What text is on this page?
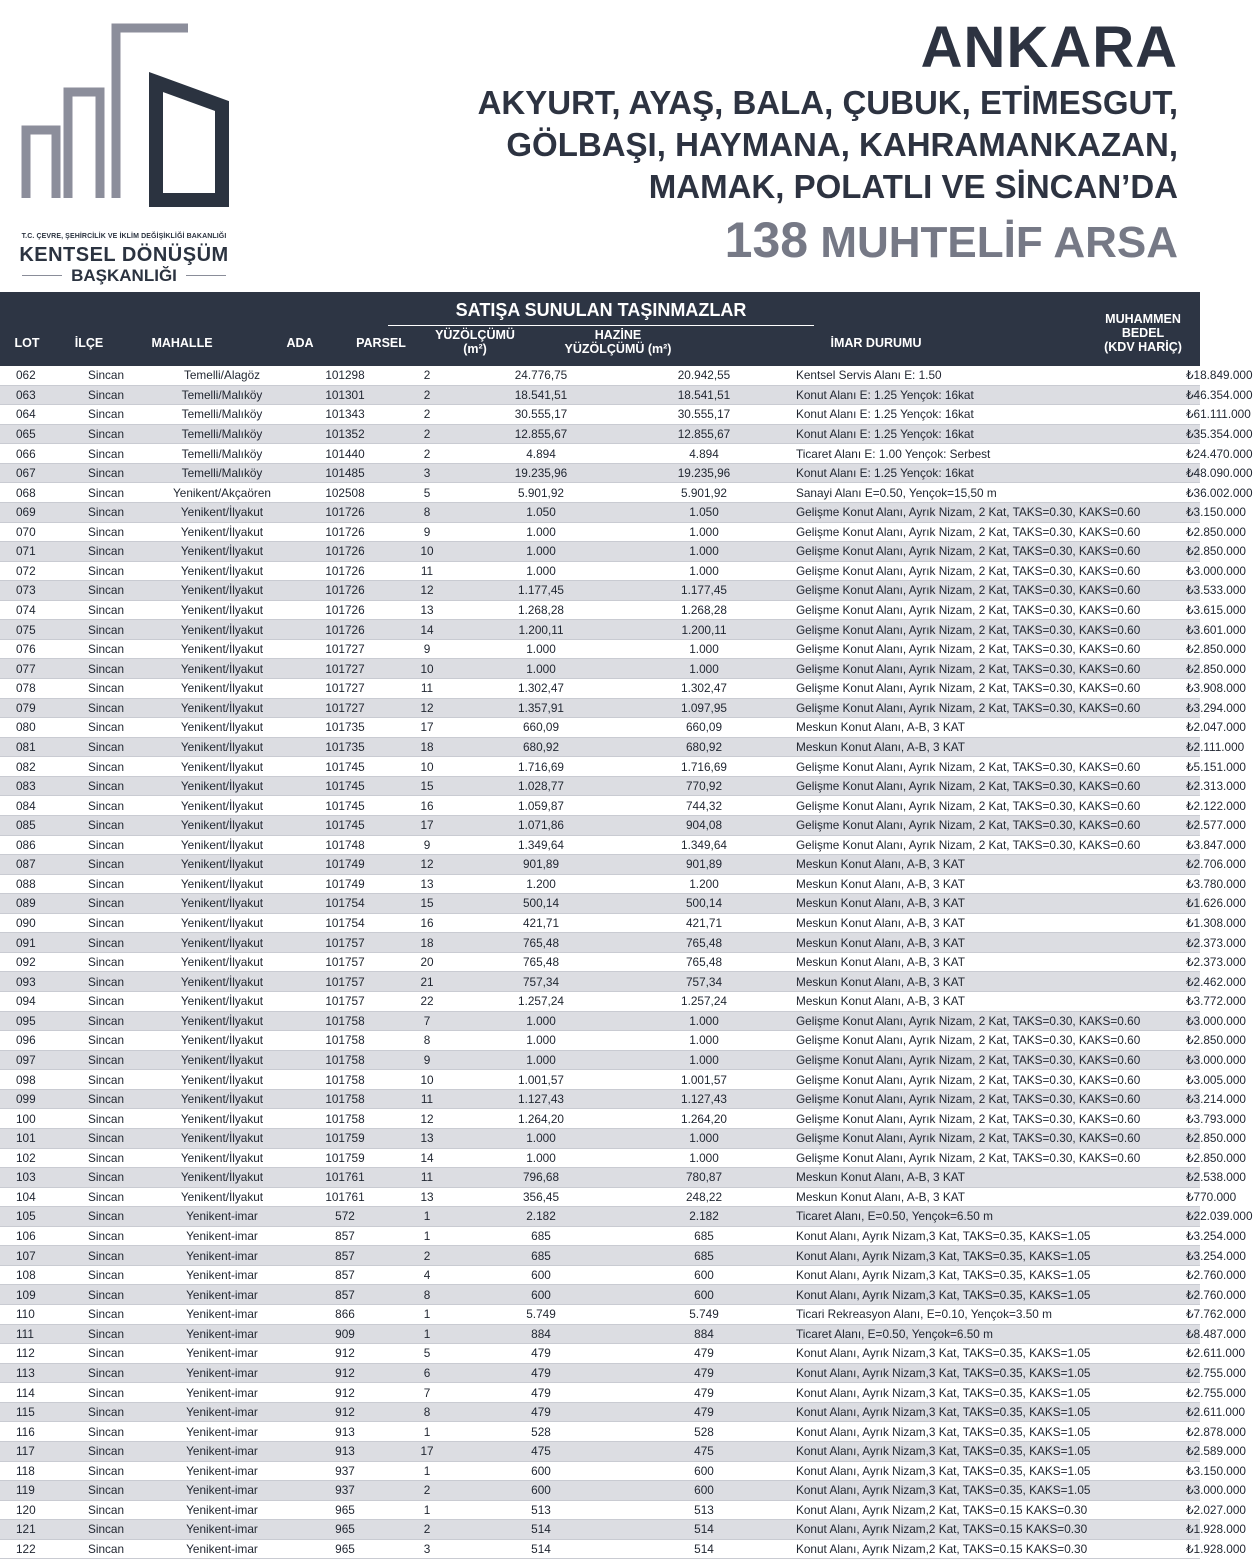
T.C. ÇEVRE, ŞEHİRCİLİK VE İKLİM DEĞİŞİKLİĞİ BAKANLIĞI
KENTSEL DÖNÜŞÜM
BAŞKANLIĞI
ANKARA
AKYURT, AYAŞ, BALA, ÇUBUK, ETİMESGUT,
GÖLBAŞI, HAYMANA, KAHRAMANKAZAN,
MAMAK, POLATLI VE SİNCAN’DA
138 MUHTELİF ARSA
SATIŞA SUNULAN TAŞINMAZLAR
LOT	İLÇE	MAHALLE	ADA	PARSEL
YÜZÖLÇÜMÜ
(m²)
HAZİNE
YÜZÖLÇÜMÜ (m²)	İMAR DURUMU
MUHAMMEN
BEDEL
(KDV HARİÇ)
062	Sincan	Temelli/Alagöz	101298	2	24.776,75	20.942,55	Kentsel Servis Alanı E: 1.50	₺18.849.000
063	Sincan	Temelli/Malıköy	101301	2	18.541,51	18.541,51	Konut Alanı E: 1.25 Yençok: 16kat	₺46.354.000
064	Sincan	Temelli/Malıköy	101343	2	30.555,17	30.555,17	Konut Alanı E: 1.25 Yençok: 16kat	₺61.111.000
065	Sincan	Temelli/Malıköy	101352	2	12.855,67	12.855,67	Konut Alanı E: 1.25 Yençok: 16kat	₺35.354.000
066	Sincan	Temelli/Malıköy	101440	2	4.894	4.894	Ticaret Alanı E: 1.00 Yençok: Serbest	₺24.470.000
067	Sincan	Temelli/Malıköy	101485	3	19.235,96	19.235,96	Konut Alanı E: 1.25 Yençok: 16kat	₺48.090.000
068	Sincan	Yenikent/Akçaören	102508	5	5.901,92	5.901,92	Sanayi Alanı E=0.50, Yençok=15,50 m	₺36.002.000
069	Sincan	Yenikent/İlyakut	101726	8	1.050	1.050	Gelişme Konut Alanı, Ayrık Nizam, 2 Kat, TAKS=0.30, KAKS=0.60	₺3.150.000
070	Sincan	Yenikent/İlyakut	101726	9	1.000	1.000	Gelişme Konut Alanı, Ayrık Nizam, 2 Kat, TAKS=0.30, KAKS=0.60	₺2.850.000
071	Sincan	Yenikent/İlyakut	101726	10	1.000	1.000	Gelişme Konut Alanı, Ayrık Nizam, 2 Kat, TAKS=0.30, KAKS=0.60	₺2.850.000
072	Sincan	Yenikent/İlyakut	101726	11	1.000	1.000	Gelişme Konut Alanı, Ayrık Nizam, 2 Kat, TAKS=0.30, KAKS=0.60	₺3.000.000
073	Sincan	Yenikent/İlyakut	101726	12	1.177,45	1.177,45	Gelişme Konut Alanı, Ayrık Nizam, 2 Kat, TAKS=0.30, KAKS=0.60	₺3.533.000
074	Sincan	Yenikent/İlyakut	101726	13	1.268,28	1.268,28	Gelişme Konut Alanı, Ayrık Nizam, 2 Kat, TAKS=0.30, KAKS=0.60	₺3.615.000
075	Sincan	Yenikent/İlyakut	101726	14	1.200,11	1.200,11	Gelişme Konut Alanı, Ayrık Nizam, 2 Kat, TAKS=0.30, KAKS=0.60	₺3.601.000
076	Sincan	Yenikent/İlyakut	101727	9	1.000	1.000	Gelişme Konut Alanı, Ayrık Nizam, 2 Kat, TAKS=0.30, KAKS=0.60	₺2.850.000
077	Sincan	Yenikent/İlyakut	101727	10	1.000	1.000	Gelişme Konut Alanı, Ayrık Nizam, 2 Kat, TAKS=0.30, KAKS=0.60	₺2.850.000
078	Sincan	Yenikent/İlyakut	101727	11	1.302,47	1.302,47	Gelişme Konut Alanı, Ayrık Nizam, 2 Kat, TAKS=0.30, KAKS=0.60	₺3.908.000
079	Sincan	Yenikent/İlyakut	101727	12	1.357,91	1.097,95	Gelişme Konut Alanı, Ayrık Nizam, 2 Kat, TAKS=0.30, KAKS=0.60	₺3.294.000
080	Sincan	Yenikent/İlyakut	101735	17	660,09	660,09	Meskun Konut Alanı, A-B, 3 KAT	₺2.047.000
081	Sincan	Yenikent/İlyakut	101735	18	680,92	680,92	Meskun Konut Alanı, A-B, 3 KAT	₺2.111.000
082	Sincan	Yenikent/İlyakut	101745	10	1.716,69	1.716,69	Gelişme Konut Alanı, Ayrık Nizam, 2 Kat, TAKS=0.30, KAKS=0.60	₺5.151.000
083	Sincan	Yenikent/İlyakut	101745	15	1.028,77	770,92	Gelişme Konut Alanı, Ayrık Nizam, 2 Kat, TAKS=0.30, KAKS=0.60	₺2.313.000
084	Sincan	Yenikent/İlyakut	101745	16	1.059,87	744,32	Gelişme Konut Alanı, Ayrık Nizam, 2 Kat, TAKS=0.30, KAKS=0.60	₺2.122.000
085	Sincan	Yenikent/İlyakut	101745	17	1.071,86	904,08	Gelişme Konut Alanı, Ayrık Nizam, 2 Kat, TAKS=0.30, KAKS=0.60	₺2.577.000
086	Sincan	Yenikent/İlyakut	101748	9	1.349,64	1.349,64	Gelişme Konut Alanı, Ayrık Nizam, 2 Kat, TAKS=0.30, KAKS=0.60	₺3.847.000
087	Sincan	Yenikent/İlyakut	101749	12	901,89	901,89	Meskun Konut Alanı, A-B, 3 KAT	₺2.706.000
088	Sincan	Yenikent/İlyakut	101749	13	1.200	1.200	Meskun Konut Alanı, A-B, 3 KAT	₺3.780.000
089	Sincan	Yenikent/İlyakut	101754	15	500,14	500,14	Meskun Konut Alanı, A-B, 3 KAT	₺1.626.000
090	Sincan	Yenikent/İlyakut	101754	16	421,71	421,71	Meskun Konut Alanı, A-B, 3 KAT	₺1.308.000
091	Sincan	Yenikent/İlyakut	101757	18	765,48	765,48	Meskun Konut Alanı, A-B, 3 KAT	₺2.373.000
092	Sincan	Yenikent/İlyakut	101757	20	765,48	765,48	Meskun Konut Alanı, A-B, 3 KAT	₺2.373.000
093	Sincan	Yenikent/İlyakut	101757	21	757,34	757,34	Meskun Konut Alanı, A-B, 3 KAT	₺2.462.000
094	Sincan	Yenikent/İlyakut	101757	22	1.257,24	1.257,24	Meskun Konut Alanı, A-B, 3 KAT	₺3.772.000
095	Sincan	Yenikent/İlyakut	101758	7	1.000	1.000	Gelişme Konut Alanı, Ayrık Nizam, 2 Kat, TAKS=0.30, KAKS=0.60	₺3.000.000
096	Sincan	Yenikent/İlyakut	101758	8	1.000	1.000	Gelişme Konut Alanı, Ayrık Nizam, 2 Kat, TAKS=0.30, KAKS=0.60	₺2.850.000
097	Sincan	Yenikent/İlyakut	101758	9	1.000	1.000	Gelişme Konut Alanı, Ayrık Nizam, 2 Kat, TAKS=0.30, KAKS=0.60	₺3.000.000
098	Sincan	Yenikent/İlyakut	101758	10	1.001,57	1.001,57	Gelişme Konut Alanı, Ayrık Nizam, 2 Kat, TAKS=0.30, KAKS=0.60	₺3.005.000
099	Sincan	Yenikent/İlyakut	101758	11	1.127,43	1.127,43	Gelişme Konut Alanı, Ayrık Nizam, 2 Kat, TAKS=0.30, KAKS=0.60	₺3.214.000
100	Sincan	Yenikent/İlyakut	101758	12	1.264,20	1.264,20	Gelişme Konut Alanı, Ayrık Nizam, 2 Kat, TAKS=0.30, KAKS=0.60	₺3.793.000
101	Sincan	Yenikent/İlyakut	101759	13	1.000	1.000	Gelişme Konut Alanı, Ayrık Nizam, 2 Kat, TAKS=0.30, KAKS=0.60	₺2.850.000
102	Sincan	Yenikent/İlyakut	101759	14	1.000	1.000	Gelişme Konut Alanı, Ayrık Nizam, 2 Kat, TAKS=0.30, KAKS=0.60	₺2.850.000
103	Sincan	Yenikent/İlyakut	101761	11	796,68	780,87	Meskun Konut Alanı, A-B, 3 KAT	₺2.538.000
104	Sincan	Yenikent/İlyakut	101761	13	356,45	248,22	Meskun Konut Alanı, A-B, 3 KAT	₺770.000
105	Sincan	Yenikent-imar	572	1	2.182	2.182	Ticaret Alanı, E=0.50, Yençok=6.50 m	₺22.039.000
106	Sincan	Yenikent-imar	857	1	685	685	Konut Alanı, Ayrık Nizam,3 Kat, TAKS=0.35, KAKS=1.05	₺3.254.000
107	Sincan	Yenikent-imar	857	2	685	685	Konut Alanı, Ayrık Nizam,3 Kat, TAKS=0.35, KAKS=1.05	₺3.254.000
108	Sincan	Yenikent-imar	857	4	600	600	Konut Alanı, Ayrık Nizam,3 Kat, TAKS=0.35, KAKS=1.05	₺2.760.000
109	Sincan	Yenikent-imar	857	8	600	600	Konut Alanı, Ayrık Nizam,3 Kat, TAKS=0.35, KAKS=1.05	₺2.760.000
110	Sincan	Yenikent-imar	866	1	5.749	5.749	Ticari Rekreasyon Alanı, E=0.10, Yençok=3.50 m	₺7.762.000
111	Sincan	Yenikent-imar	909	1	884	884	Ticaret Alanı, E=0.50, Yençok=6.50 m	₺8.487.000
112	Sincan	Yenikent-imar	912	5	479	479	Konut Alanı, Ayrık Nizam,3 Kat, TAKS=0.35, KAKS=1.05	₺2.611.000
113	Sincan	Yenikent-imar	912	6	479	479	Konut Alanı, Ayrık Nizam,3 Kat, TAKS=0.35, KAKS=1.05	₺2.755.000
114	Sincan	Yenikent-imar	912	7	479	479	Konut Alanı, Ayrık Nizam,3 Kat, TAKS=0.35, KAKS=1.05	₺2.755.000
115	Sincan	Yenikent-imar	912	8	479	479	Konut Alanı, Ayrık Nizam,3 Kat, TAKS=0.35, KAKS=1.05	₺2.611.000
116	Sincan	Yenikent-imar	913	1	528	528	Konut Alanı, Ayrık Nizam,3 Kat, TAKS=0.35, KAKS=1.05	₺2.878.000
117	Sincan	Yenikent-imar	913	17	475	475	Konut Alanı, Ayrık Nizam,3 Kat, TAKS=0.35, KAKS=1.05	₺2.589.000
118	Sincan	Yenikent-imar	937	1	600	600	Konut Alanı, Ayrık Nizam,3 Kat, TAKS=0.35, KAKS=1.05	₺3.150.000
119	Sincan	Yenikent-imar	937	2	600	600	Konut Alanı, Ayrık Nizam,3 Kat, TAKS=0.35, KAKS=1.05	₺3.000.000
120	Sincan	Yenikent-imar	965	1	513	513	Konut Alanı, Ayrık Nizam,2 Kat, TAKS=0.15 KAKS=0.30	₺2.027.000
121	Sincan	Yenikent-imar	965	2	514	514	Konut Alanı, Ayrık Nizam,2 Kat, TAKS=0.15 KAKS=0.30	₺1.928.000
122	Sincan	Yenikent-imar	965	3	514	514	Konut Alanı, Ayrık Nizam,2 Kat, TAKS=0.15 KAKS=0.30	₺1.928.000
